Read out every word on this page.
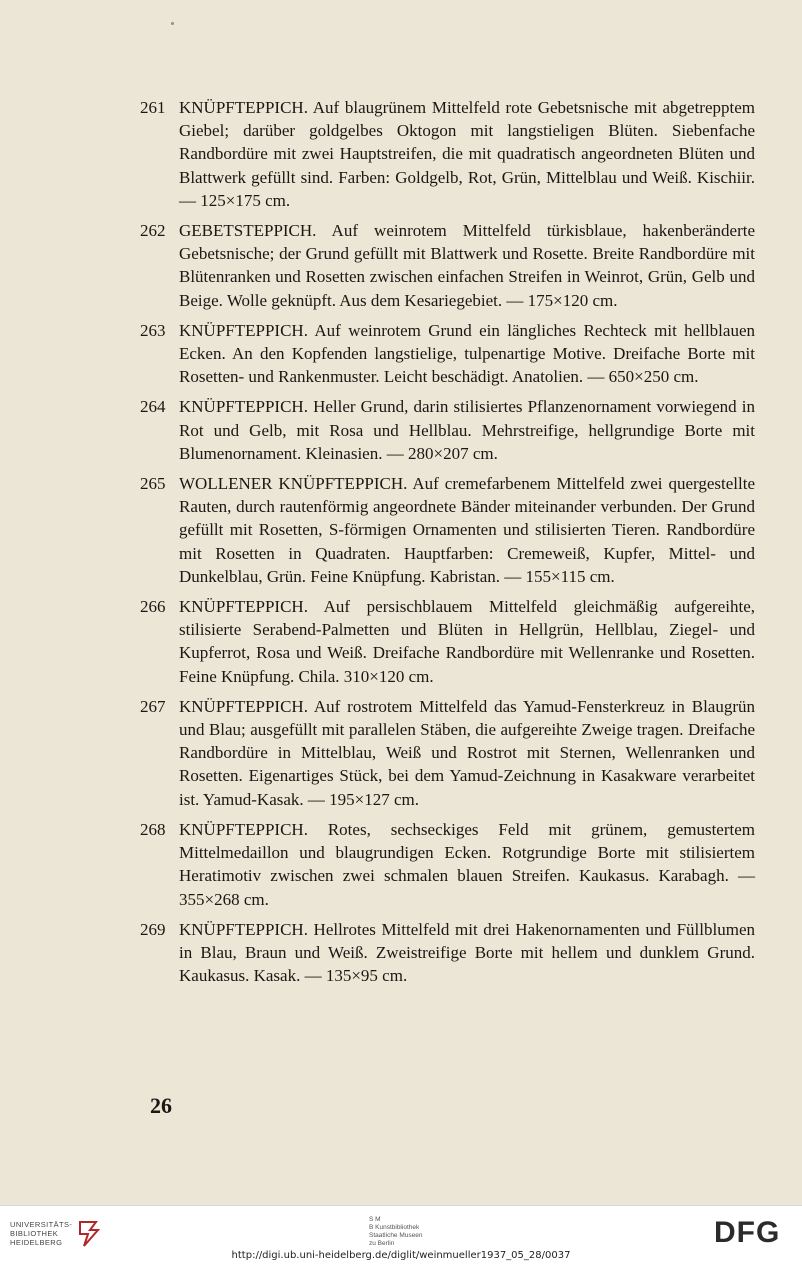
261 KNÜPFTEPPICH. Auf blaugrünem Mittelfeld rote Gebetsnische mit abgetrepptem Giebel; darüber goldgelbes Oktogon mit langstieligen Blüten. Siebenfache Randbordüre mit zwei Hauptstreifen, die mit quadratisch angeordneten Blüten und Blattwerk gefüllt sind. Farben: Goldgelb, Rot, Grün, Mittelblau und Weiß. Kischiir. — 125×175 cm.
262 GEBETSTEPPICH. Auf weinrotem Mittelfeld türkisblaue, hakenberänderte Gebetsnische; der Grund gefüllt mit Blattwerk und Rosette. Breite Randbordüre mit Blütenranken und Rosetten zwischen einfachen Streifen in Weinrot, Grün, Gelb und Beige. Wolle geknüpft. Aus dem Kesariegebiet. — 175×120 cm.
263 KNÜPFTEPPICH. Auf weinrotem Grund ein längliches Rechteck mit hellblauen Ecken. An den Kopfenden langstielige, tulpenartige Motive. Dreifache Borte mit Rosetten- und Rankenmuster. Leicht beschädigt. Anatolien. — 650×250 cm.
264 KNÜPFTEPPICH. Heller Grund, darin stilisiertes Pflanzenornament vorwiegend in Rot und Gelb, mit Rosa und Hellblau. Mehrstreifige, hellgrundige Borte mit Blumenornament. Kleinasien. — 280×207 cm.
265 WOLLENER KNÜPFTEPPICH. Auf cremefarbenem Mittelfeld zwei quergestellte Rauten, durch rautenförmig angeordnete Bänder miteinander verbunden. Der Grund gefüllt mit Rosetten, S-förmigen Ornamenten und stilisierten Tieren. Randbordüre mit Rosetten in Quadraten. Hauptfarben: Cremeweiß, Kupfer, Mittel- und Dunkelblau, Grün. Feine Knüpfung. Kabristan. — 155×115 cm.
266 KNÜPFTEPPICH. Auf persischblauem Mittelfeld gleichmäßig aufgereihte, stilisierte Serabend-Palmetten und Blüten in Hellgrün, Hellblau, Ziegel- und Kupferrot, Rosa und Weiß. Dreifache Randbordüre mit Wellenranke und Rosetten. Feine Knüpfung. Chila. 310×120 cm.
267 KNÜPFTEPPICH. Auf rostrotem Mittelfeld das Yamud-Fensterkreuz in Blaugrün und Blau; ausgefüllt mit parallelen Stäben, die aufgereihte Zweige tragen. Dreifache Randbordüre in Mittelblau, Weiß und Rostrot mit Sternen, Wellenranken und Rosetten. Eigenartiges Stück, bei dem Yamud-Zeichnung in Kasakware verarbeitet ist. Yamud-Kasak. — 195×127 cm.
268 KNÜPFTEPPICH. Rotes, sechseckiges Feld mit grünem, gemustertem Mittelmedaillon und blaugrundigen Ecken. Rotgrundige Borte mit stilisiertem Heratimotiv zwischen zwei schmalen blauen Streifen. Kaukasus. Karabagh. — 355×268 cm.
269 KNÜPFTEPPICH. Hellrotes Mittelfeld mit drei Hakenornamenten und Füllblumen in Blau, Braun und Weiß. Zweistreifige Borte mit hellem und dunklem Grund. Kaukasus. Kasak. — 135×95 cm.
26
UNIVERSITÄTS-
BIBLIOTHEK
HEIDELBERG
S M
B Kunstbibliothek
Staatliche Museen
zu Berlin	DFG
http://digi.ub.uni-heidelberg.de/diglit/weinmueller1937_05_28/0037
